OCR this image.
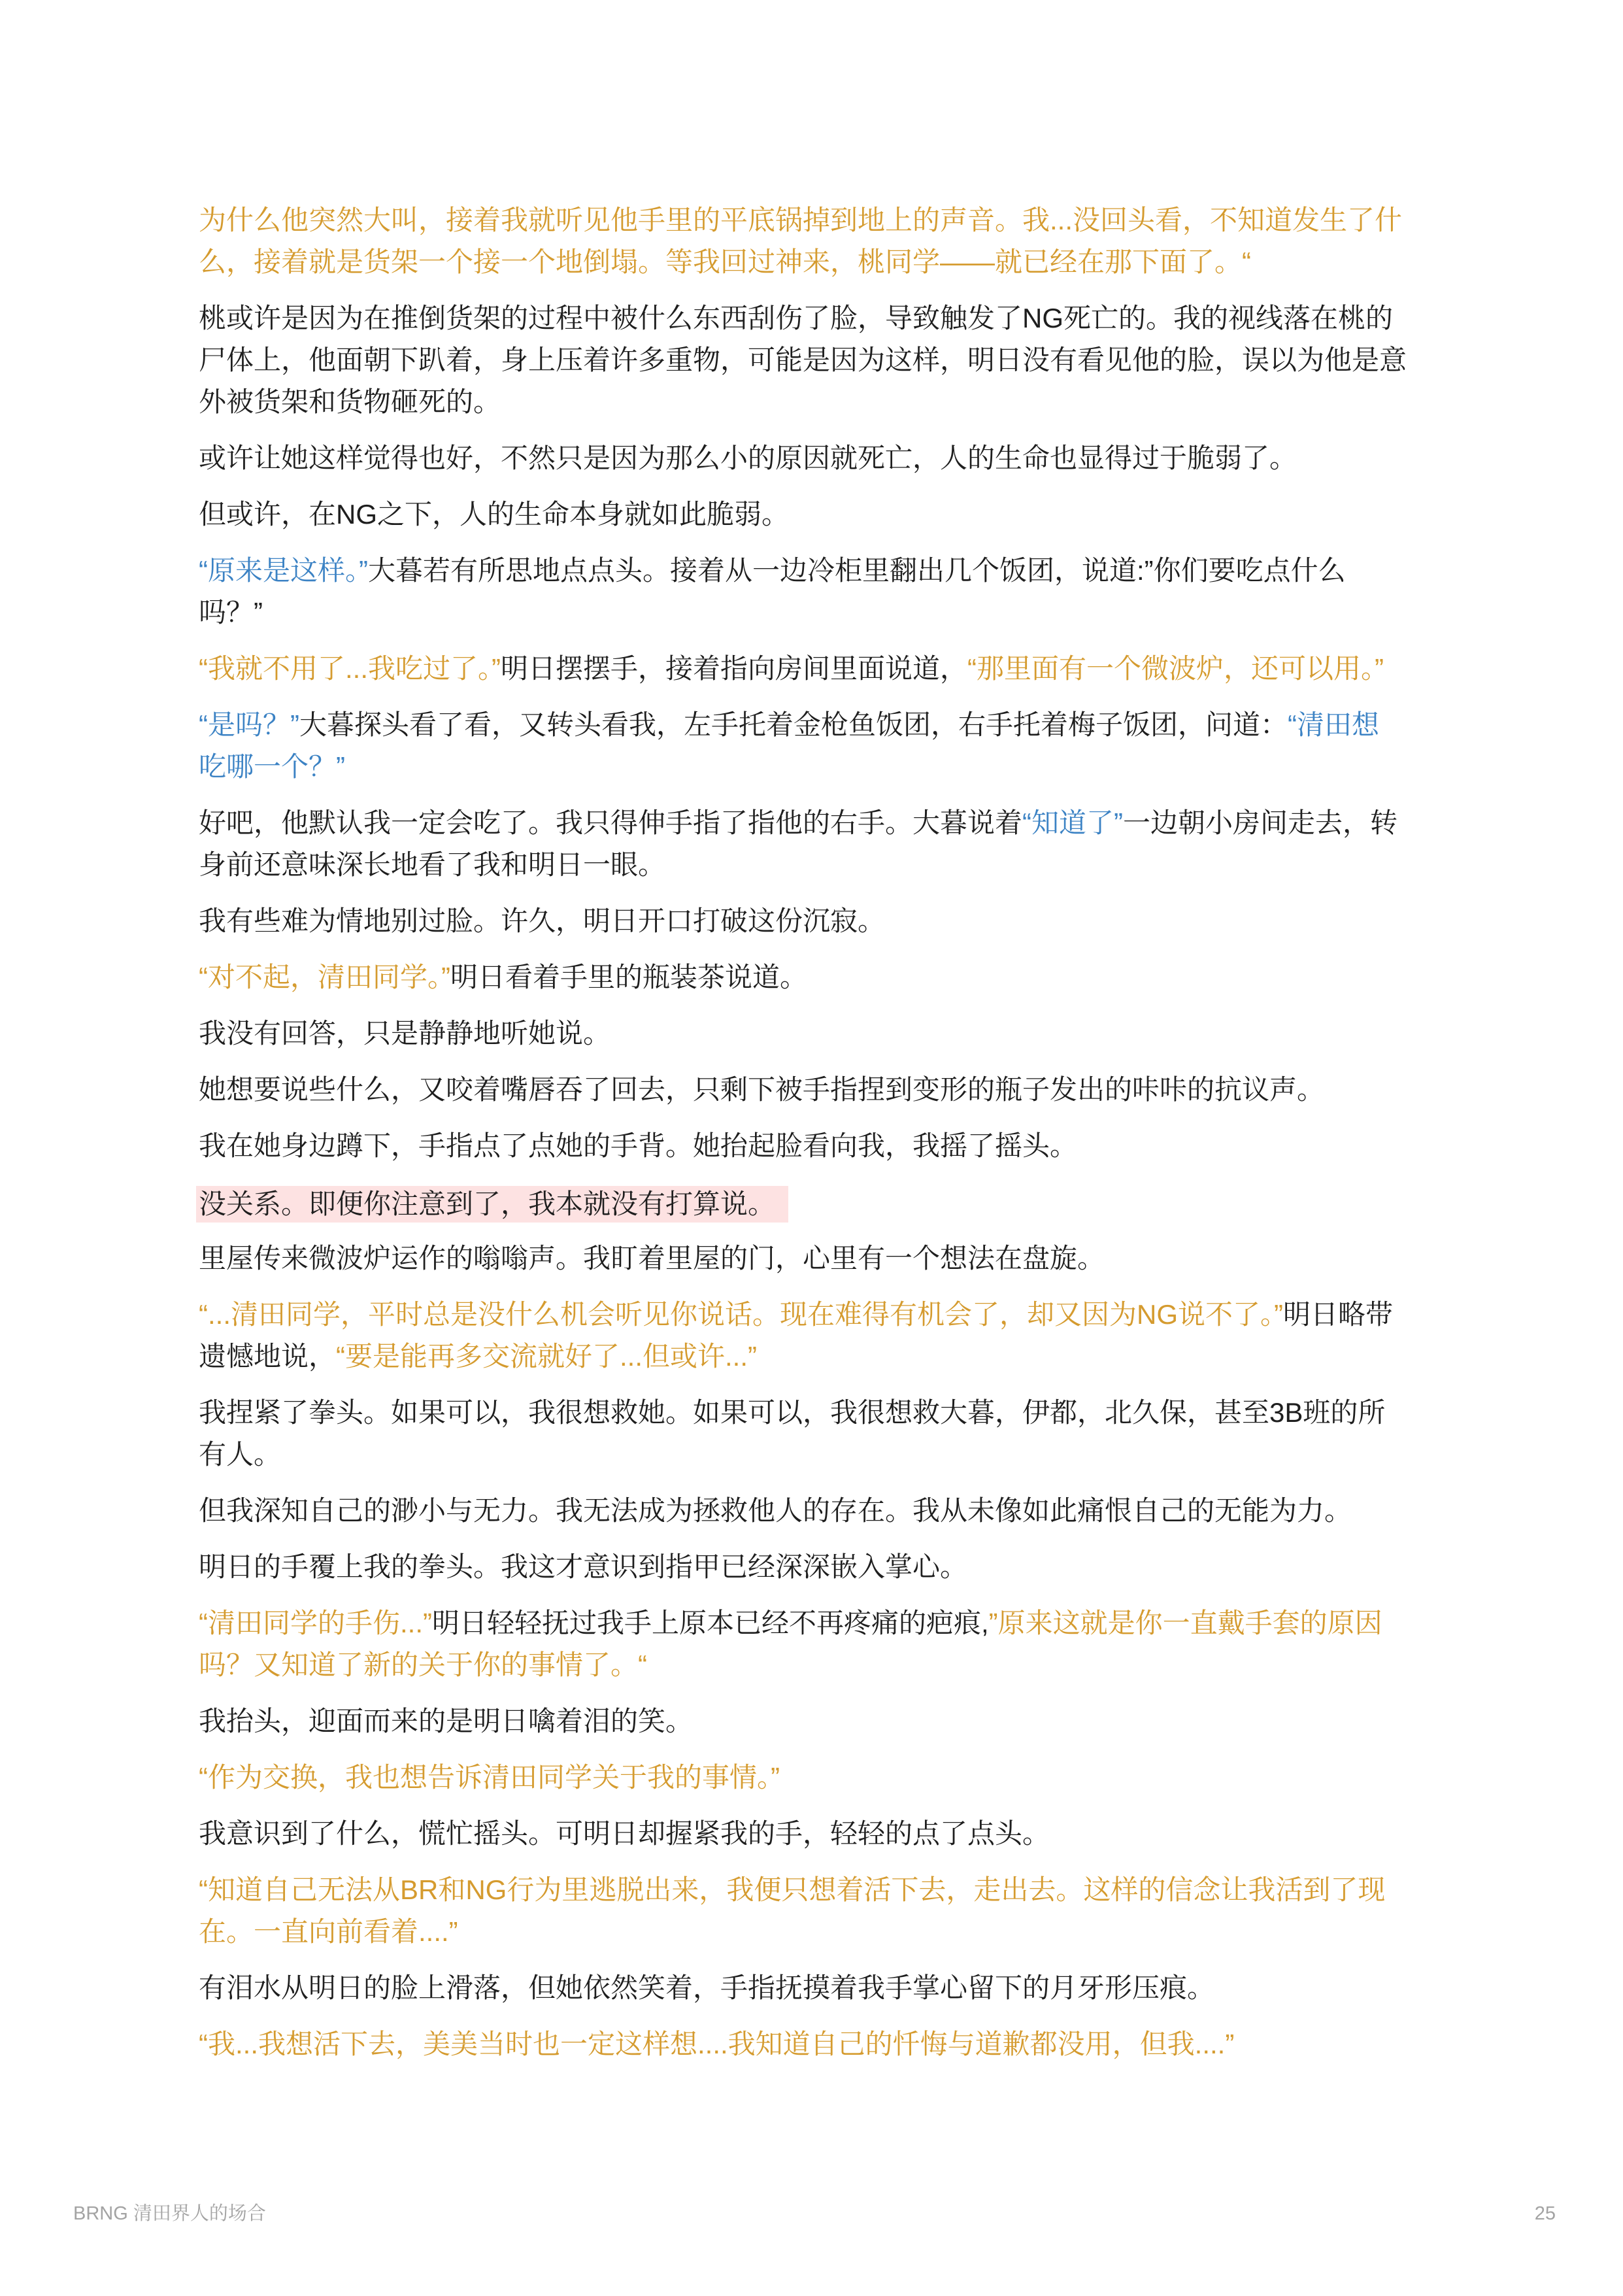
为什么他突然大叫，接着我就听见他手里的平底锅掉到地上的声音。我...没回头看，不知道发生了什
么，接着就是货架一个接一个地倒塌。等我回过神来，桃同学——就已经在那下面了。“

桃或许是因为在推倒货架的过程中被什么东西刮伤了脸，导致触发了NG死亡的。我的视线落在桃的
尸体上，他面朝下趴着，身上压着许多重物，可能是因为这样，明日没有看见他的脸，误以为他是意
外被货架和货物砸死的。

或许让她这样觉得也好，不然只是因为那么小的原因就死亡，人的生命也显得过于脆弱了。

但或许，在NG之下，人的生命本身就如此脆弱。

“原来是这样。”大暮若有所思地点点头。接着从一边冷柜里翻出几个饭团，说道:”你们要吃点什么
吗？”

“我就不用了...我吃过了。”明日摆摆手，接着指向房间里面说道，“那里面有一个微波炉，还可以用。”

“是吗？”大暮探头看了看，又转头看我，左手托着金枪鱼饭团，右手托着梅子饭团，问道：“清田想
吃哪一个？”

好吧，他默认我一定会吃了。我只得伸手指了指他的右手。大暮说着“知道了”一边朝小房间走去，转
身前还意味深长地看了我和明日一眼。

我有些难为情地别过脸。许久，明日开口打破这份沉寂。

“对不起，清田同学。”明日看着手里的瓶装茶说道。

我没有回答，只是静静地听她说。

她想要说些什么，又咬着嘴唇吞了回去，只剩下被手指捏到变形的瓶子发出的咔咔的抗议声。

我在她身边蹲下，手指点了点她的手背。她抬起脸看向我，我摇了摇头。

没关系。即便你注意到了，我本就没有打算说。

里屋传来微波炉运作的嗡嗡声。我盯着里屋的门，心里有一个想法在盘旋。

“...清田同学，平时总是没什么机会听见你说话。现在难得有机会了，却又因为NG说不了。”明日略带
遗憾地说，“要是能再多交流就好了...但或许...”

我捏紧了拳头。如果可以，我很想救她。如果可以，我很想救大暮，伊都，北久保，甚至3B班的所
有人。

但我深知自己的渺小与无力。我无法成为拯救他人的存在。我从未像如此痛恨自己的无能为力。

明日的手覆上我的拳头。我这才意识到指甲已经深深嵌入掌心。

“清田同学的手伤...”明日轻轻抚过我手上原本已经不再疼痛的疤痕,”原来这就是你一直戴手套的原因
吗？又知道了新的关于你的事情了。“

我抬头，迎面而来的是明日噙着泪的笑。

“作为交换，我也想告诉清田同学关于我的事情。”

我意识到了什么，慌忙摇头。可明日却握紧我的手，轻轻的点了点头。

“知道自己无法从BR和NG行为里逃脱出来，我便只想着活下去，走出去。这样的信念让我活到了现
在。一直向前看着....”

有泪水从明日的脸上滑落，但她依然笑着，手指抚摸着我手掌心留下的月牙形压痕。

“我...我想活下去，美美当时也一定这样想....我知道自己的忏悔与道歉都没用，但我....”

BRNG 清田界人的场合	25
